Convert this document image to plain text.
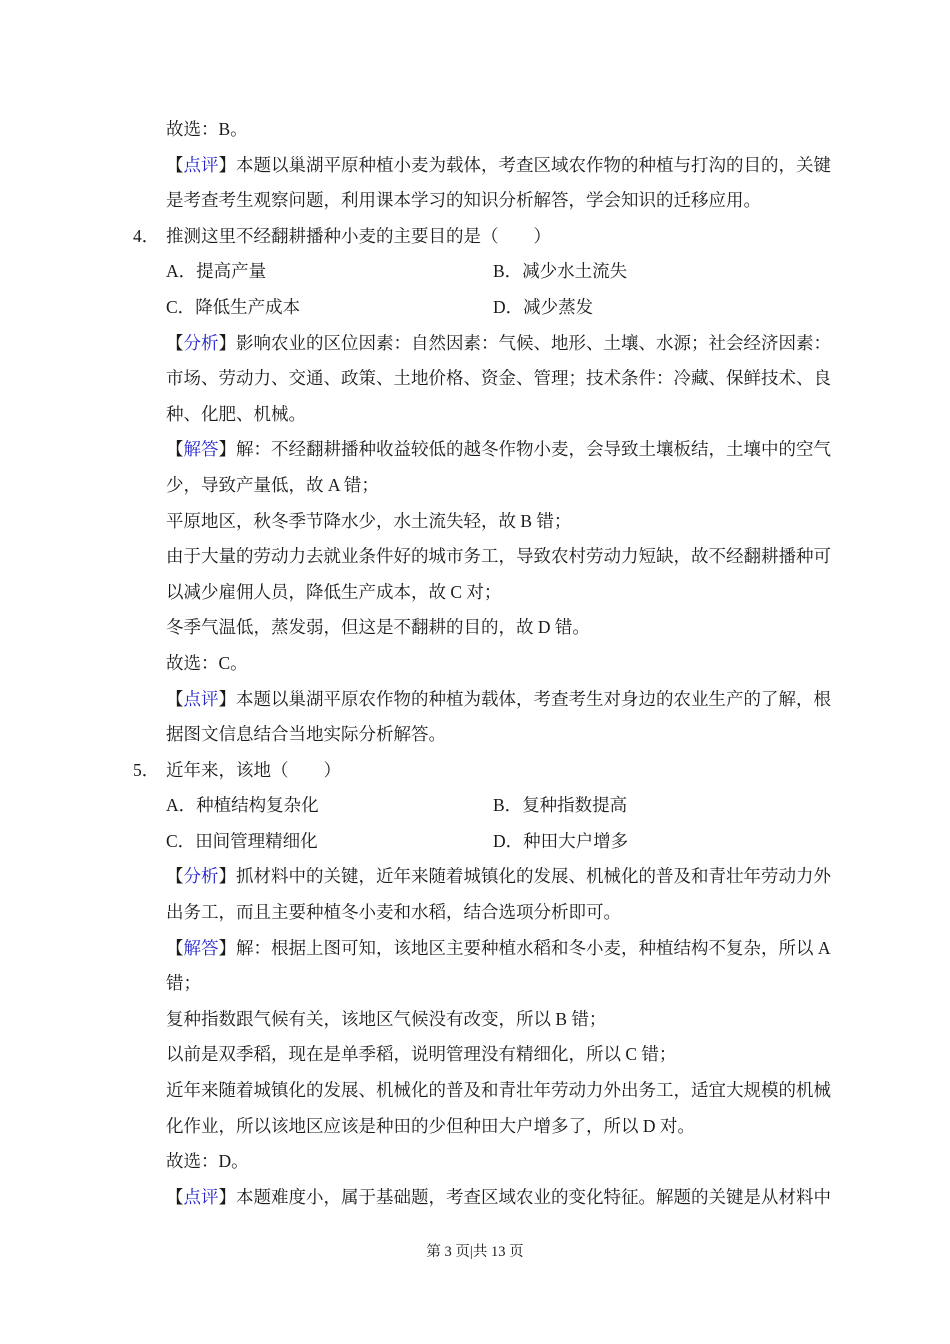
故选：B。
【点评】本题以巢湖平原种植小麦为载体，考查区域农作物的种植与打沟的目的，关键
是考查考生观察问题，利用课本学习的知识分析解答，学会知识的迁移应用。
4． 推测这里不经翻耕播种小麦的主要目的是（　　）
A．提高产量	B．减少水土流失
C．降低生产成本	D．减少蒸发
【分析】影响农业的区位因素：自然因素：气候、地形、土壤、水源；社会经济因素：
市场、劳动力、交通、政策、土地价格、资金、管理；技术条件：冷藏、保鲜技术、良
种、化肥、机械。
【解答】解：不经翻耕播种收益较低的越冬作物小麦，会导致土壤板结，土壤中的空气
少，导致产量低，故 A 错；
平原地区，秋冬季节降水少，水土流失轻，故 B 错；
由于大量的劳动力去就业条件好的城市务工，导致农村劳动力短缺，故不经翻耕播种可
以减少雇佣人员，降低生产成本，故 C 对；
冬季气温低，蒸发弱，但这是不翻耕的目的，故 D 错。
故选：C。
【点评】本题以巢湖平原农作物的种植为载体，考查考生对身边的农业生产的了解，根
据图文信息结合当地实际分析解答。
5． 近年来，该地（　　）
A．种植结构复杂化	B．复种指数提高
C．田间管理精细化	D．种田大户增多
【分析】抓材料中的关键，近年来随着城镇化的发展、机械化的普及和青壮年劳动力外
出务工，而且主要种植冬小麦和水稻，结合选项分析即可。
【解答】解：根据上图可知，该地区主要种植水稻和冬小麦，种植结构不复杂，所以 A
错；
复种指数跟气候有关，该地区气候没有改变，所以 B 错；
以前是双季稻，现在是单季稻，说明管理没有精细化，所以 C 错；
近年来随着城镇化的发展、机械化的普及和青壮年劳动力外出务工，适宜大规模的机械
化作业，所以该地区应该是种田的少但种田大户增多了，所以 D 对。
故选：D。
【点评】本题难度小，属于基础题，考查区域农业的变化特征。解题的关键是从材料中
第 3 页|共 13 页
